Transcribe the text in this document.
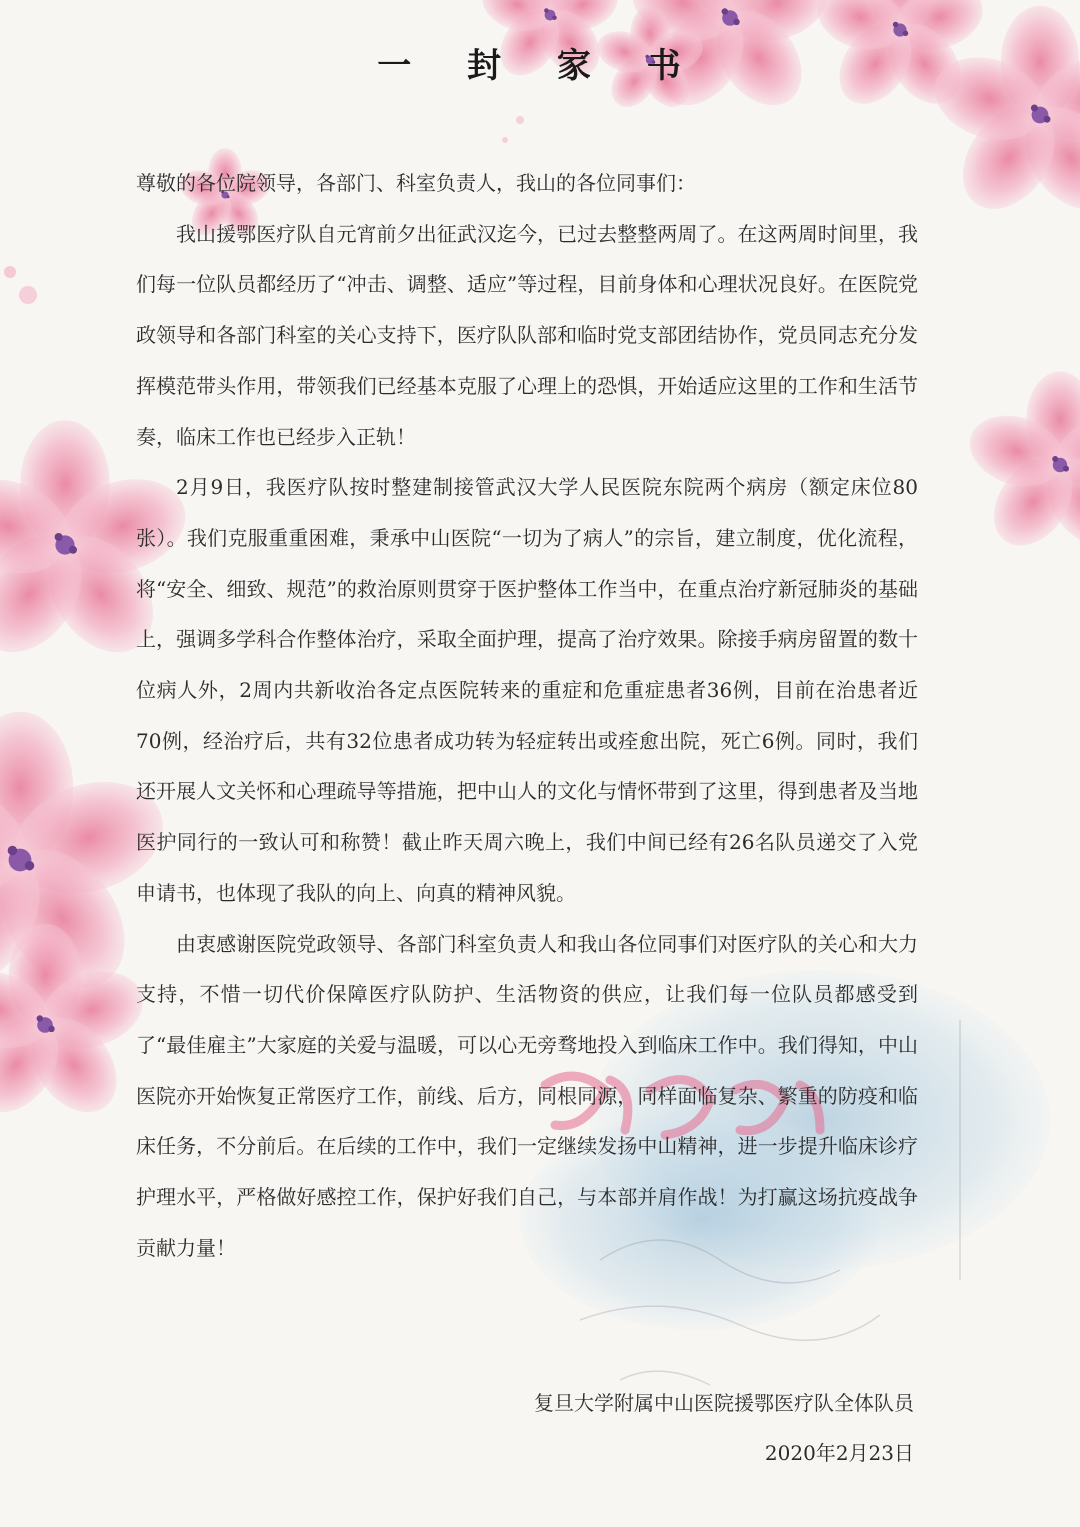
一 封 家 书

尊敬的各位院领导，各部门、科室负责人，我山的各位同事们：

我山援鄂医疗队自元宵前夕出征武汉迄今，已过去整整两周了。在这两周时间里，我们每一位队员都经历了“冲击、调整、适应”等过程，目前身体和心理状况良好。在医院党政领导和各部门科室的关心支持下，医疗队队部和临时党支部团结协作，党员同志充分发挥模范带头作用，带领我们已经基本克服了心理上的恐惧，开始适应这里的工作和生活节奏，临床工作也已经步入正轨！

2月9日，我医疗队按时整建制接管武汉大学人民医院东院两个病房（额定床位80张）。我们克服重重困难，秉承中山医院“一切为了病人”的宗旨，建立制度，优化流程，将“安全、细致、规范”的救治原则贯穿于医护整体工作当中，在重点治疗新冠肺炎的基础上，强调多学科合作整体治疗，采取全面护理，提高了治疗效果。除接手病房留置的数十位病人外，2周内共新收治各定点医院转来的重症和危重症患者36例，目前在治患者近70例，经治疗后，共有32位患者成功转为轻症转出或痊愈出院，死亡6例。同时，我们还开展人文关怀和心理疏导等措施，把中山人的文化与情怀带到了这里，得到患者及当地医护同行的一致认可和称赞！截止昨天周六晚上，我们中间已经有26名队员递交了入党申请书，也体现了我队的向上、向真的精神风貌。

由衷感谢医院党政领导、各部门科室负责人和我山各位同事们对医疗队的关心和大力支持，不惜一切代价保障医疗队防护、生活物资的供应，让我们每一位队员都感受到了“最佳雇主”大家庭的关爱与温暖，可以心无旁骛地投入到临床工作中。我们得知，中山医院亦开始恢复正常医疗工作，前线、后方，同根同源，同样面临复杂、繁重的防疫和临床任务，不分前后。在后续的工作中，我们一定继续发扬中山精神，进一步提升临床诊疗护理水平，严格做好感控工作，保护好我们自己，与本部并肩作战！为打赢这场抗疫战争贡献力量！

复旦大学附属中山医院援鄂医疗队全体队员
2020年2月23日
